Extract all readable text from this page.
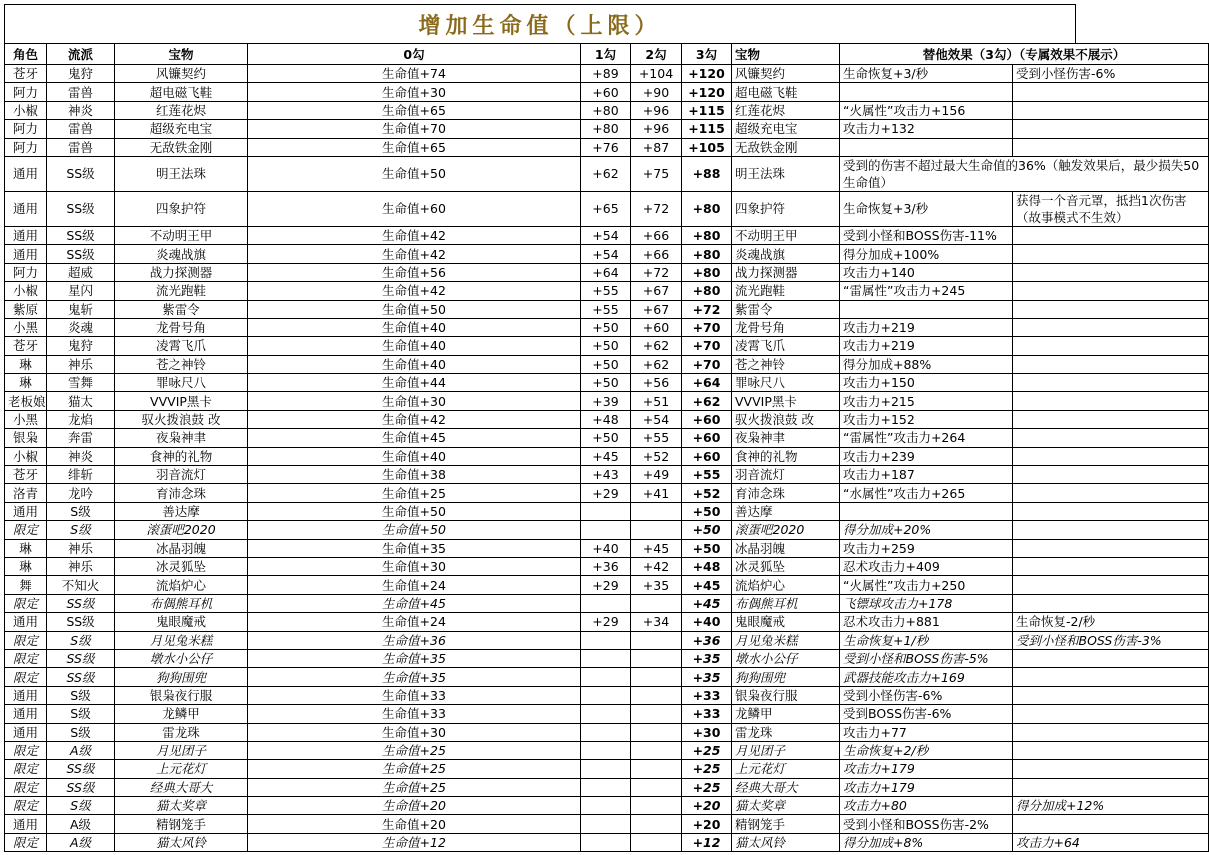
增加生命值（上限）
角色	流派	宝物	0勾	1勾	2勾	3勾	宝物	替他效果（3勾）（专属效果不展示）	
苍牙	鬼狩	风镰契约	生命值+74	+89	+104	+120	风镰契约	生命恢复+3/秒	受到小怪伤害-6%
阿力	雷兽	超电磁飞鞋	生命值+30	+60	+90	+120	超电磁飞鞋		
小椒	神炎	红莲花烬	生命值+65	+80	+96	+115	红莲花烬	“火属性”攻击力+156	
阿力	雷兽	超级充电宝	生命值+70	+80	+96	+115	超级充电宝	攻击力+132	
阿力	雷兽	无敌铁金刚	生命值+65	+76	+87	+105	无敌铁金刚		
通用	SS级	明王法珠	生命值+50	+62	+75	+88	明王法珠	受到的伤害不超过最大生命值的36%（触发效果后，最少损失50生命值）	
通用	SS级	四象护符	生命值+60	+65	+72	+80	四象护符	生命恢复+3/秒	获得一个音元罩，抵挡1次伤害（故事模式不生效）
通用	SS级	不动明王甲	生命值+42	+54	+66	+80	不动明王甲	受到小怪和BOSS伤害-11%	
通用	SS级	炎魂战旗	生命值+42	+54	+66	+80	炎魂战旗	得分加成+100%	
阿力	超威	战力探测器	生命值+56	+64	+72	+80	战力探测器	攻击力+140	
小椒	星闪	流光跑鞋	生命值+42	+55	+67	+80	流光跑鞋	“雷属性”攻击力+245	
紫原	鬼斩	紫雷令	生命值+50	+55	+67	+72	紫雷令		
小黑	炎魂	龙骨号角	生命值+40	+50	+60	+70	龙骨号角	攻击力+219	
苍牙	鬼狩	凌霄飞爪	生命值+40	+50	+62	+70	凌霄飞爪	攻击力+219	
琳	神乐	苍之神铃	生命值+40	+50	+62	+70	苍之神铃	得分加成+88%	
琳	雪舞	罪咏尺八	生命值+44	+50	+56	+64	罪咏尺八	攻击力+150	
老板娘	猫太	VVVIP黑卡	生命值+30	+39	+51	+62	VVVIP黑卡	攻击力+215	
小黑	龙焰	驭火拨浪鼓 改	生命值+42	+48	+54	+60	驭火拨浪鼓 改	攻击力+152	
银枭	奔雷	夜枭神聿	生命值+45	+50	+55	+60	夜枭神聿	“雷属性”攻击力+264	
小椒	神炎	食神的礼物	生命值+40	+45	+52	+60	食神的礼物	攻击力+239	
苍牙	绯斩	羽音流灯	生命值+38	+43	+49	+55	羽音流灯	攻击力+187	
洛青	龙吟	育沛念珠	生命值+25	+29	+41	+52	育沛念珠	“水属性”攻击力+265	
通用	S级	善达摩	生命值+50			+50	善达摩		
限定	S级	滚蛋吧2020	生命值+50			+50	滚蛋吧2020	得分加成+20%	
琳	神乐	冰晶羽魄	生命值+35	+40	+45	+50	冰晶羽魄	攻击力+259	
琳	神乐	冰灵狐坠	生命值+30	+36	+42	+48	冰灵狐坠	忍术攻击力+409	
舞	不知火	流焰炉心	生命值+24	+29	+35	+45	流焰炉心	“火属性”攻击力+250	
限定	SS级	布偶熊耳机	生命值+45			+45	布偶熊耳机	飞镖球攻击力+178	
通用	SS级	鬼眼魔戒	生命值+24	+29	+34	+40	鬼眼魔戒	忍术攻击力+881	生命恢复-2/秒
限定	S级	月见兔米糕	生命值+36			+36	月见兔米糕	生命恢复+1/秒	受到小怪和BOSS伤害-3%
限定	SS级	墩水小公仔	生命值+35			+35	墩水小公仔	受到小怪和BOSS伤害-5%	
限定	SS级	狗狗围兜	生命值+35			+35	狗狗围兜	武器技能攻击力+169	
通用	S级	银枭夜行服	生命值+33			+33	银枭夜行服	受到小怪伤害-6%	
通用	S级	龙鳞甲	生命值+33			+33	龙鳞甲	受到BOSS伤害-6%	
通用	S级	雷龙珠	生命值+30			+30	雷龙珠	攻击力+77	
限定	A级	月见团子	生命值+25			+25	月见团子	生命恢复+2/秒	
限定	SS级	上元花灯	生命值+25			+25	上元花灯	攻击力+179	
限定	SS级	经典大哥大	生命值+25			+25	经典大哥大	攻击力+179	
限定	S级	猫太奖章	生命值+20			+20	猫太奖章	攻击力+80	得分加成+12%
通用	A级	精钢笼手	生命值+20			+20	精钢笼手	受到小怪和BOSS伤害-2%	
限定	A级	猫太风铃	生命值+12			+12	猫太风铃	得分加成+8%	攻击力+64
